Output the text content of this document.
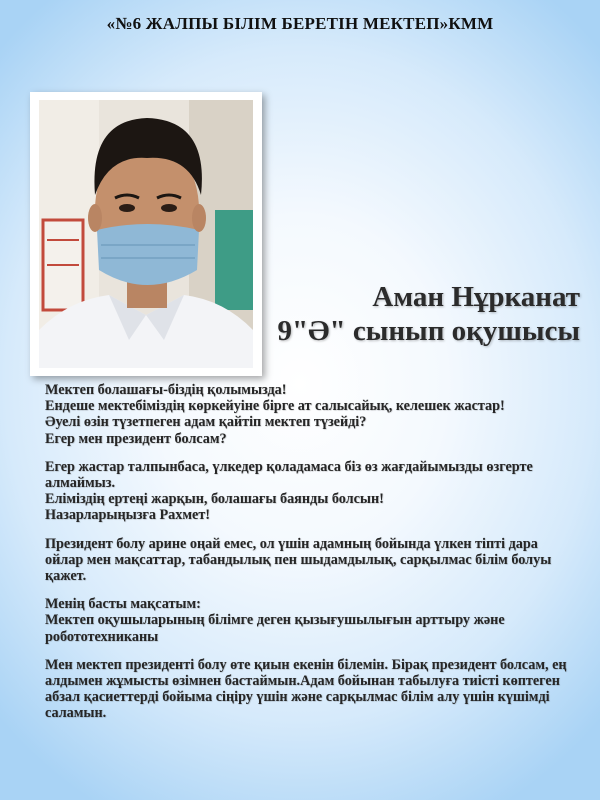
«№6 ЖАЛПЫ БІЛІМ БЕРЕТІН МЕКТЕП»КММ
Аман Нұрканат
9"Ә" сынып оқушысы
Мектеп болашағы-біздің қолымызда!
Ендеше мектебіміздің көркейуіне бірге ат салысайық, келешек жастар!
Әуелі өзін түзетпеген адам қайтіп мектеп түзейді?
Егер мен президент болсам?
Егер жастар талпынбаса, үлкедер қоладамаса біз өз жағдайымызды өзгерте алмаймыз.
Еліміздің ертеңі жарқын, болашағы баянды болсын!
Назарларыңызға Рахмет!
Президент болу арине оңай емес, ол үшін адамның бойында үлкен тіпті дара ойлар мен мақсаттар, табандылық пен шыдамдылық, сарқылмас білім болуы қажет.
Менің басты мақсатым:
Мектеп оқушыларының білімге деген қызығушылығын арттыру және робототехниканы
Мен мектеп президенті болу өте қиын екенін білемін. Бірақ президент болсам, ең алдымен жұмысты өзімнен бастаймын.Адам бойынан табылуға тиісті көптеген абзал қасиеттерді бойыма сіңіру үшін және сарқылмас білім алу үшін күшімді саламын.
